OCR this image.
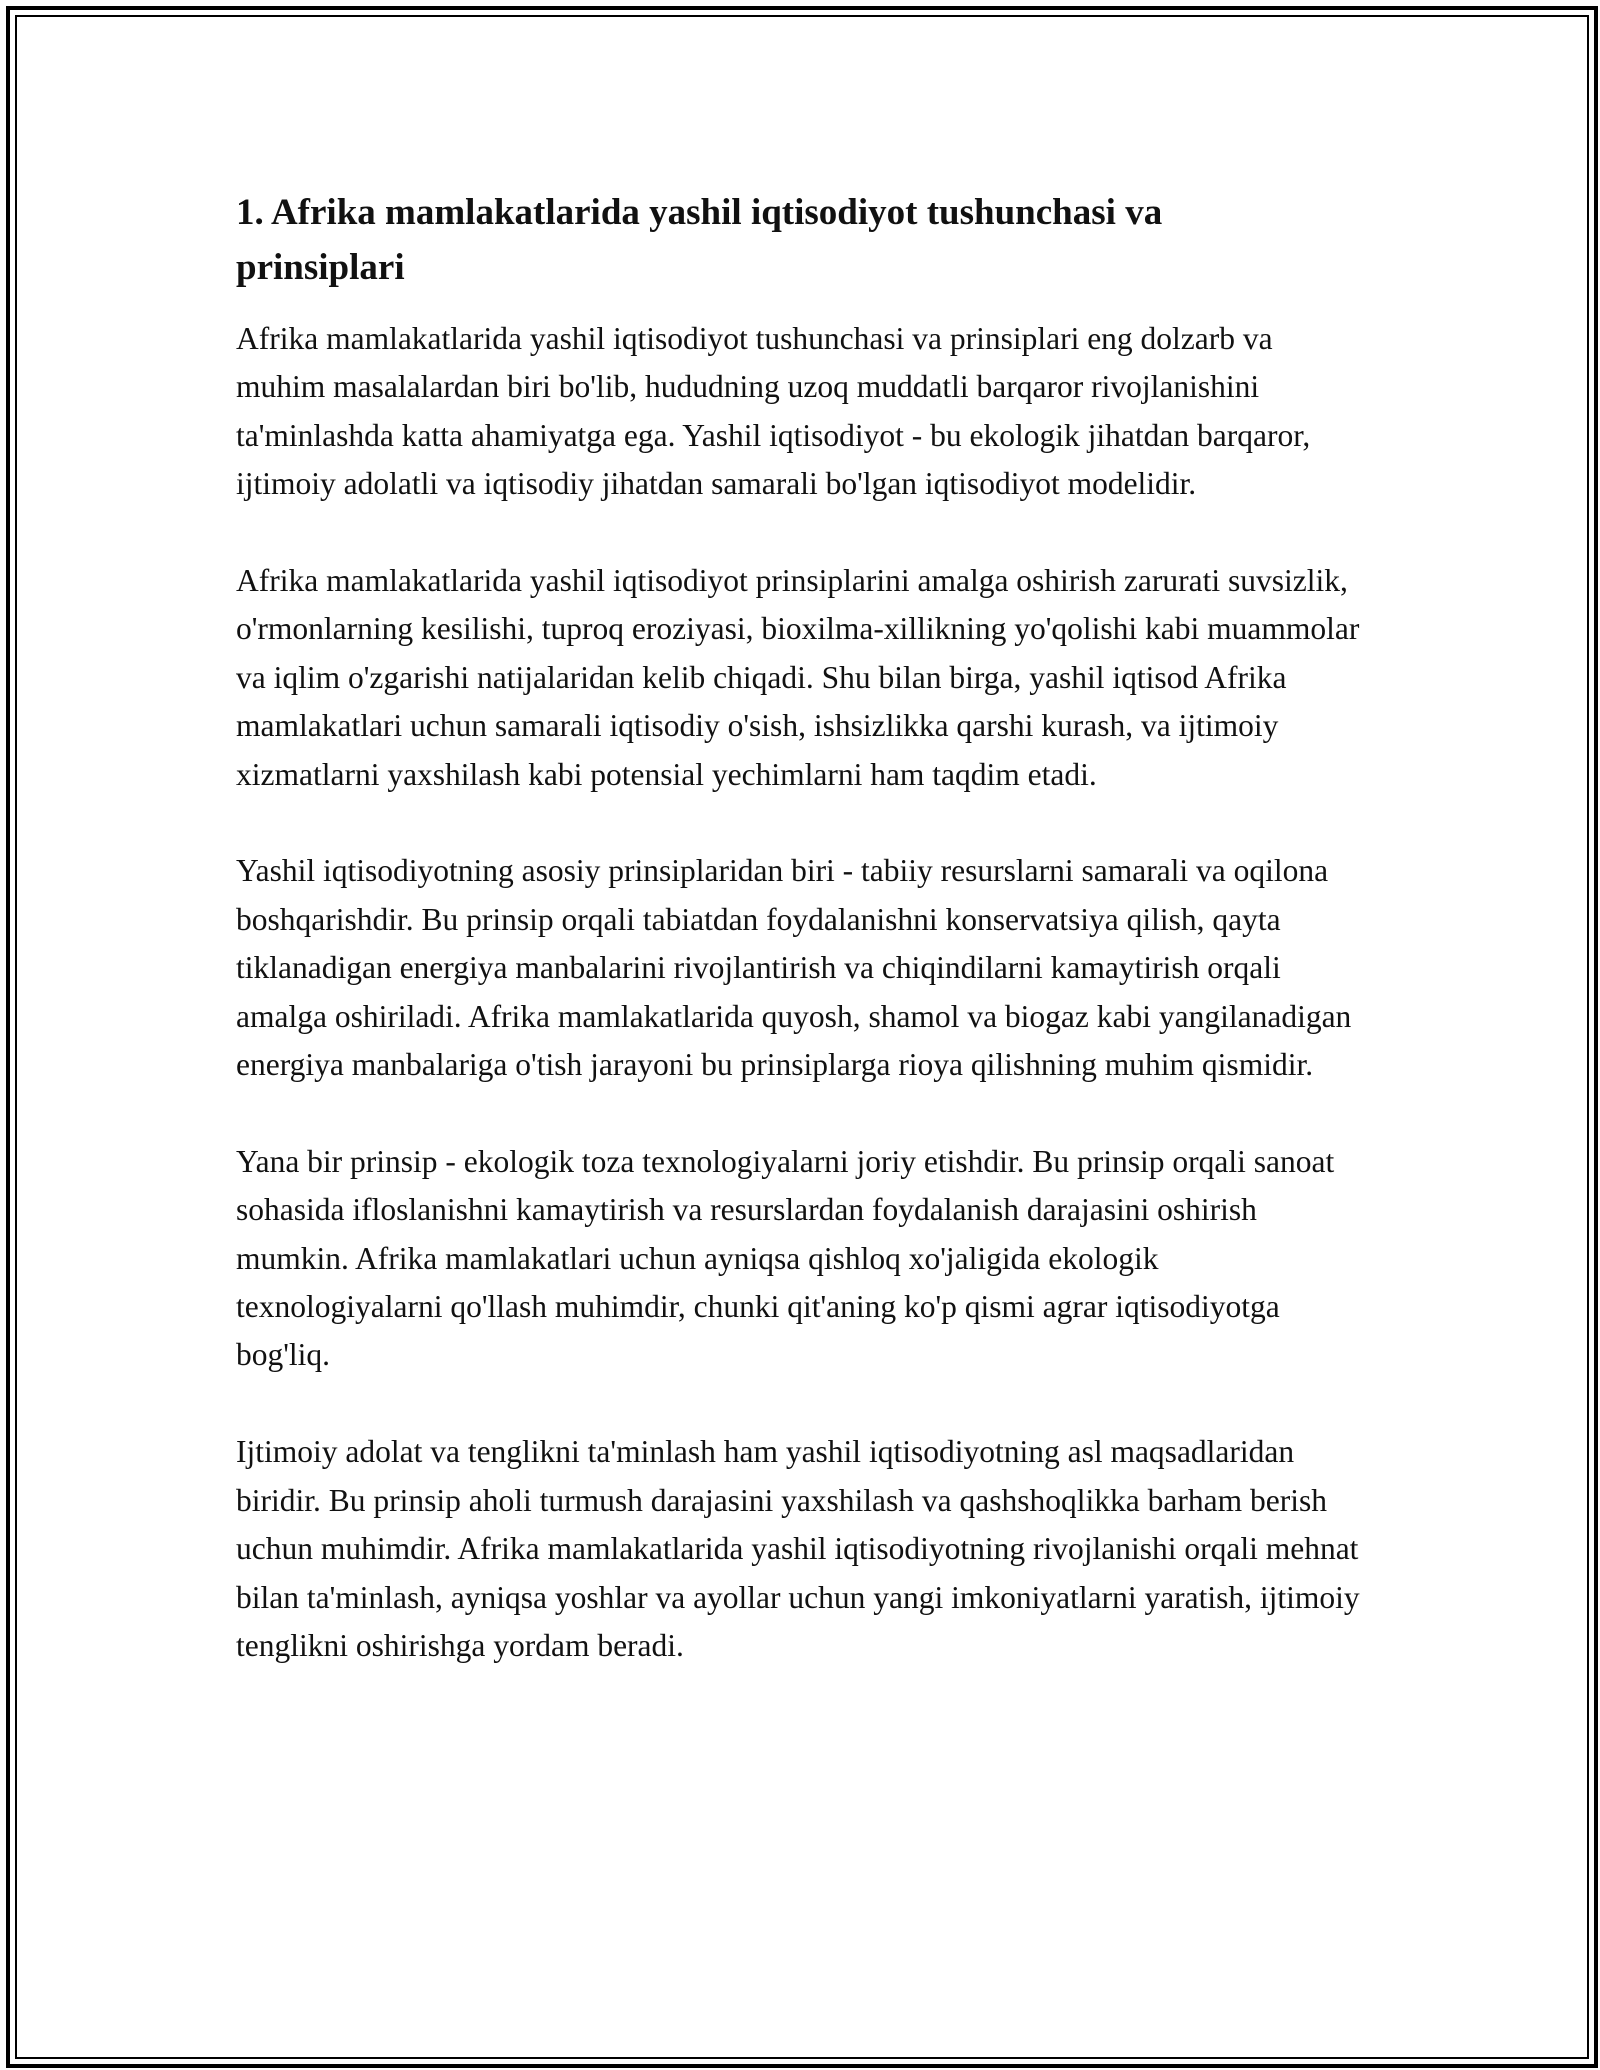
1. Afrika mamlakatlarida yashil iqtisodiyot tushunchasi va prinsiplari

Afrika mamlakatlarida yashil iqtisodiyot tushunchasi va prinsiplari eng dolzarb va muhim masalalardan biri bo'lib, hududning uzoq muddatli barqaror rivojlanishini ta'minlashda katta ahamiyatga ega. Yashil iqtisodiyot - bu ekologik jihatdan barqaror, ijtimoiy adolatli va iqtisodiy jihatdan samarali bo'lgan iqtisodiyot modelidir.

Afrika mamlakatlarida yashil iqtisodiyot prinsiplarini amalga oshirish zarurati suvsizlik, o'rmonlarning kesilishi, tuproq eroziyasi, bioxilma-xillikning yo'qolishi kabi muammolar va iqlim o'zgarishi natijalaridan kelib chiqadi. Shu bilan birga, yashil iqtisod Afrika mamlakatlari uchun samarali iqtisodiy o'sish, ishsizlikka qarshi kurash, va ijtimoiy xizmatlarni yaxshilash kabi potensial yechimlarni ham taqdim etadi.

Yashil iqtisodiyotning asosiy prinsiplaridan biri - tabiiy resurslarni samarali va oqilona boshqarishdir. Bu prinsip orqali tabiatdan foydalanishni konservatsiya qilish, qayta tiklanadigan energiya manbalarini rivojlantirish va chiqindilarni kamaytirish orqali amalga oshiriladi. Afrika mamlakatlarida quyosh, shamol va biogaz kabi yangilanadigan energiya manbalariga o'tish jarayoni bu prinsiplarga rioya qilishning muhim qismidir.

Yana bir prinsip - ekologik toza texnologiyalarni joriy etishdir. Bu prinsip orqali sanoat sohasida ifloslanishni kamaytirish va resurslardan foydalanish darajasini oshirish mumkin. Afrika mamlakatlari uchun ayniqsa qishloq xo'jaligida ekologik texnologiyalarni qo'llash muhimdir, chunki qit'aning ko'p qismi agrar iqtisodiyotga bog'liq.

Ijtimoiy adolat va tenglikni ta'minlash ham yashil iqtisodiyotning asl maqsadlaridan biridir. Bu prinsip aholi turmush darajasini yaxshilash va qashshoqlikka barham berish uchun muhimdir. Afrika mamlakatlarida yashil iqtisodiyotning rivojlanishi orqali mehnat bilan ta'minlash, ayniqsa yoshlar va ayollar uchun yangi imkoniyatlarni yaratish, ijtimoiy tenglikni oshirishga yordam beradi.
